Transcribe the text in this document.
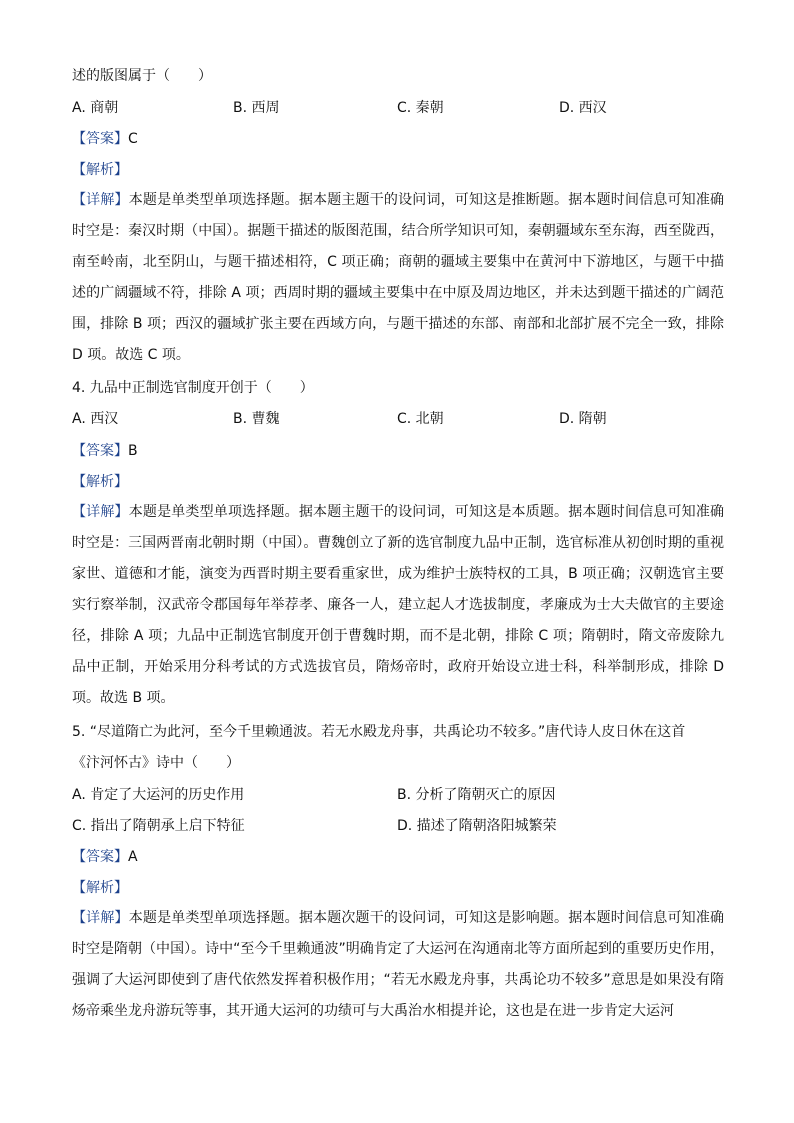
述的版图属于（　　）
A. 商朝	B. 西周	C. 秦朝	D. 西汉
【答案】C
【解析】
【详解】本题是单类型单项选择题。据本题主题干的设问词，可知这是推断题。据本题时间信息可知准确时空是：秦汉时期（中国）。据题干描述的版图范围，结合所学知识可知，秦朝疆域东至东海，西至陇西，南至岭南，北至阴山，与题干描述相符，C 项正确；商朝的疆域主要集中在黄河中下游地区，与题干中描述的广阔疆域不符，排除 A 项；西周时期的疆域主要集中在中原及周边地区，并未达到题干描述的广阔范围，排除 B 项；西汉的疆域扩张主要在西域方向，与题干描述的东部、南部和北部扩展不完全一致，排除 D 项。故选 C 项。
4. 九品中正制选官制度开创于（　　）
A. 西汉	B. 曹魏	C. 北朝	D. 隋朝
【答案】B
【解析】
【详解】本题是单类型单项选择题。据本题主题干的设问词，可知这是本质题。据本题时间信息可知准确时空是：三国两晋南北朝时期（中国）。曹魏创立了新的选官制度九品中正制，选官标准从初创时期的重视家世、道德和才能，演变为西晋时期主要看重家世，成为维护士族特权的工具，B 项正确；汉朝选官主要实行察举制，汉武帝令郡国每年举荐孝、廉各一人，建立起人才选拔制度，孝廉成为士大夫做官的主要途径，排除 A 项；九品中正制选官制度开创于曹魏时期，而不是北朝，排除 C 项；隋朝时，隋文帝废除九品中正制，开始采用分科考试的方式选拔官员，隋炀帝时，政府开始设立进士科，科举制形成，排除 D 项。故选 B 项。
5. “尽道隋亡为此河，至今千里赖通波。若无水殿龙舟事，共禹论功不较多。”唐代诗人皮日休在这首
《汴河怀古》诗中（　　）
A. 肯定了大运河的历史作用	B. 分析了隋朝灭亡的原因
C. 指出了隋朝承上启下特征	D. 描述了隋朝洛阳城繁荣
【答案】A
【解析】
【详解】本题是单类型单项选择题。据本题次题干的设问词，可知这是影响题。据本题时间信息可知准确时空是隋朝（中国）。诗中“至今千里赖通波”明确肯定了大运河在沟通南北等方面所起到的重要历史作用，强调了大运河即使到了唐代依然发挥着积极作用；“若无水殿龙舟事，共禹论功不较多”意思是如果没有隋炀帝乘坐龙舟游玩等事，其开通大运河的功绩可与大禹治水相提并论，这也是在进一步肯定大运河
